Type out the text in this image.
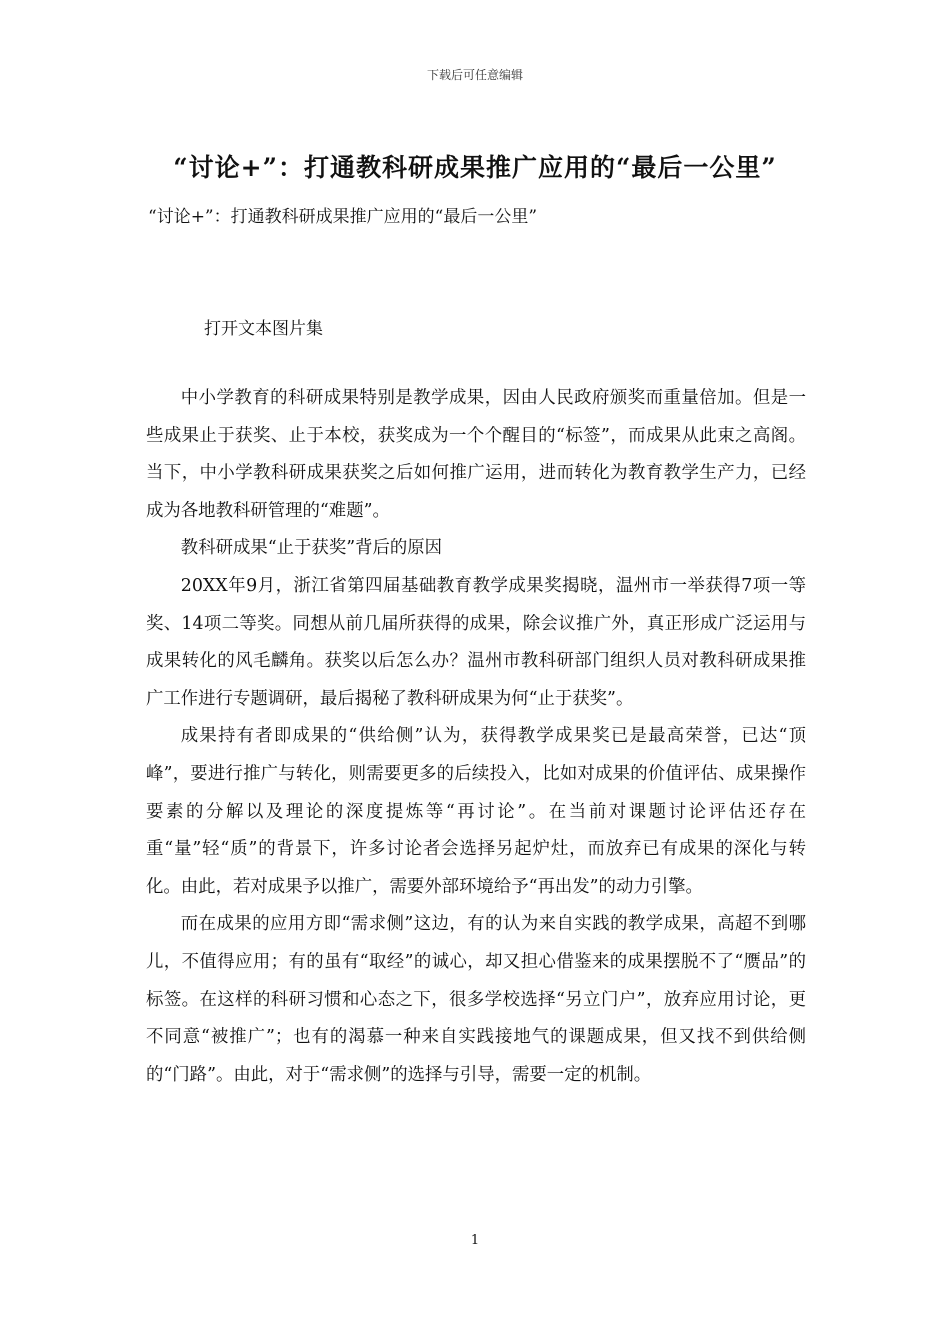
下载后可任意编辑
“讨论+”：打通教科研成果推广应用的“最后一公里”
“讨论+”：打通教科研成果推广应用的“最后一公里”
打开文本图片集

中小学教育的科研成果特别是教学成果，因由人民政府颁奖而重量倍加。但是一些成果止于获奖、止于本校，获奖成为一个个醒目的“标签”，而成果从此束之高阁。当下，中小学教科研成果获奖之后如何推广运用，进而转化为教育教学生产力，已经成为各地教科研管理的“难题”。

教科研成果“止于获奖”背后的原因

20XX年9月，浙江省第四届基础教育教学成果奖揭晓，温州市一举获得7项一等奖、14项二等奖。同想从前几届所获得的成果，除会议推广外，真正形成广泛运用与成果转化的风毛麟角。获奖以后怎么办？温州市教科研部门组织人员对教科研成果推广工作进行专题调研，最后揭秘了教科研成果为何“止于获奖”。

成果持有者即成果的“供给侧”认为，获得教学成果奖已是最高荣誉，已达“顶峰”，要进行推广与转化，则需要更多的后续投入，比如对成果的价值评估、成果操作要素的分解以及理论的深度提炼等“再讨论”。在当前对课题讨论评估还存在重“量”轻“质”的背景下，许多讨论者会选择另起炉灶，而放弃已有成果的深化与转化。由此，若对成果予以推广，需要外部环境给予“再出发”的动力引擎。

而在成果的应用方即“需求侧”这边，有的认为来自实践的教学成果，高超不到哪儿，不值得应用；有的虽有“取经”的诚心，却又担心借鉴来的成果摆脱不了“赝品”的标签。在这样的科研习惯和心态之下，很多学校选择“另立门户”，放弃应用讨论，更不同意“被推广”；也有的渴慕一种来自实践接地气的课题成果，但又找不到供给侧的“门路”。由此，对于“需求侧”的选择与引导，需要一定的机制。

1
